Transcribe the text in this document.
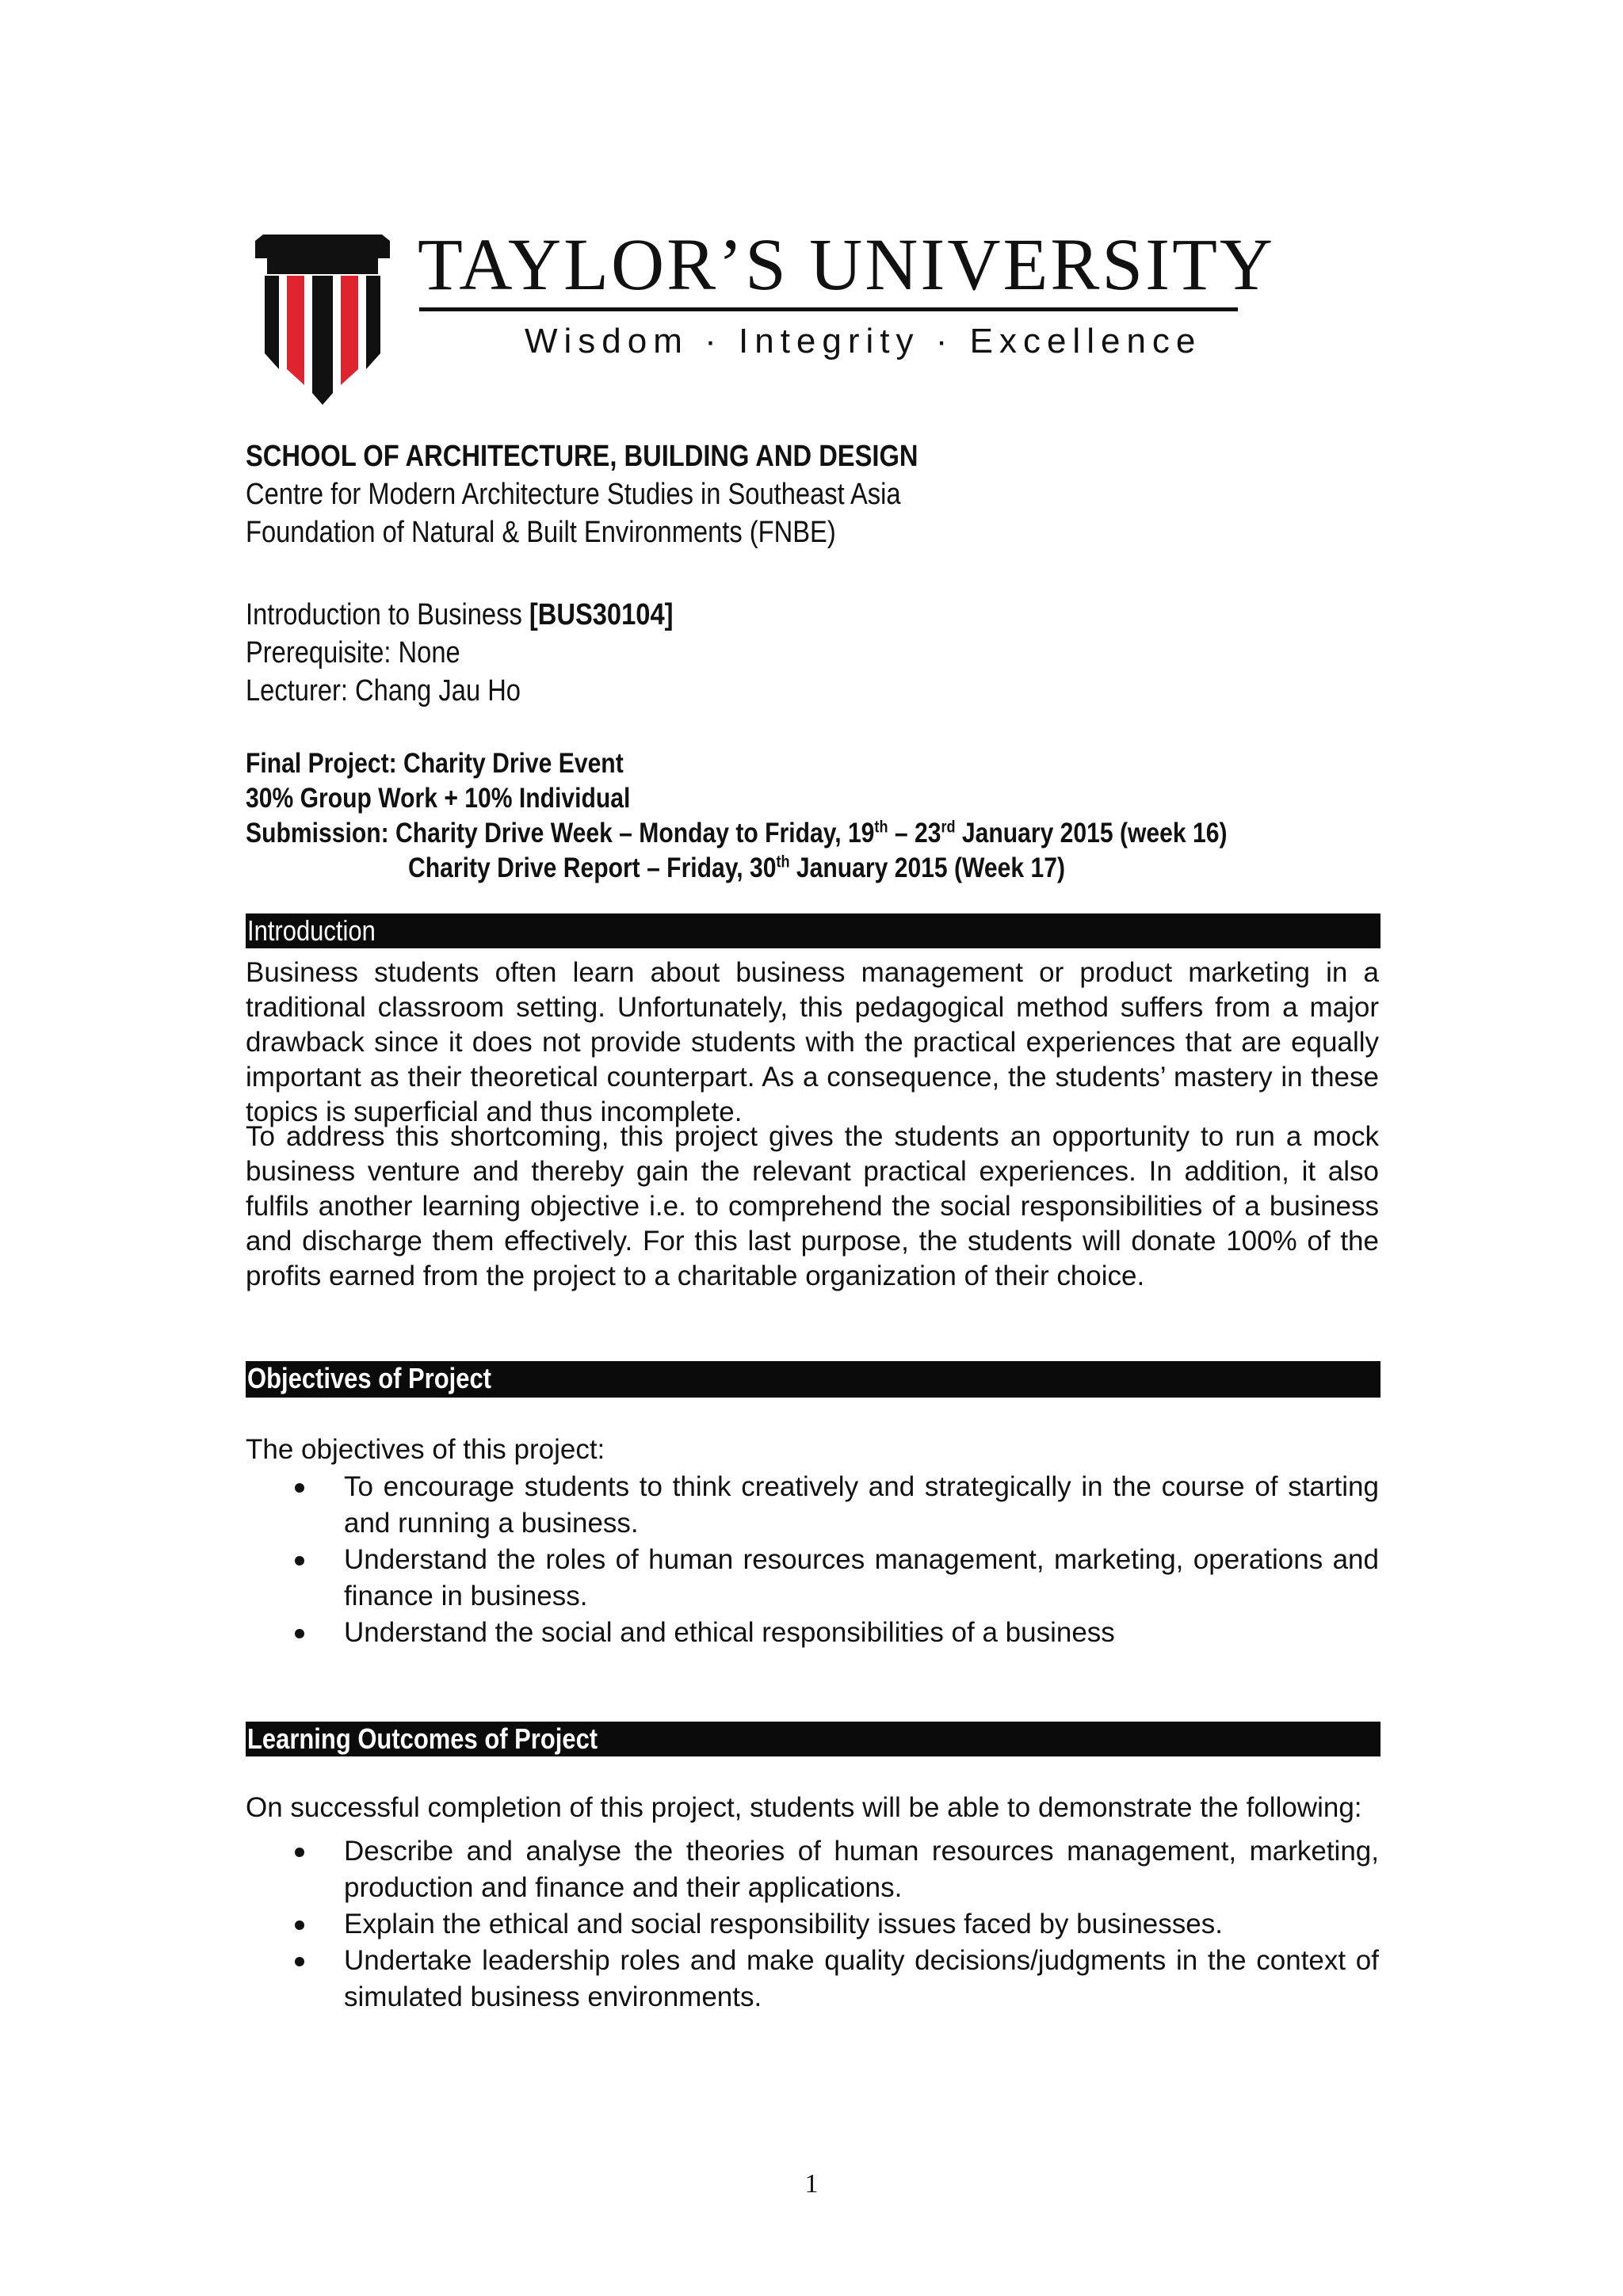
TAYLOR’S UNIVERSITY
Wisdom · Integrity · Excellence
SCHOOL OF ARCHITECTURE, BUILDING AND DESIGN
Centre for Modern Architecture Studies in Southeast Asia
Foundation of Natural & Built Environments (FNBE)
Introduction to Business [BUS30104]
Prerequisite: None
Lecturer: Chang Jau Ho
Final Project: Charity Drive Event
30% Group Work + 10% Individual
Submission: Charity Drive Week – Monday to Friday, 19th – 23rd January 2015 (week 16)
Charity Drive Report – Friday, 30th January 2015 (Week 17)
Introduction
Business students often learn about business management or product marketing in a traditional classroom setting. Unfortunately, this pedagogical method suffers from a major drawback since it does not provide students with the practical experiences that are equally important as their theoretical counterpart. As a consequence, the students’ mastery in these topics is superficial and thus incomplete.
To address this shortcoming, this project gives the students an opportunity to run a mock business venture and thereby gain the relevant practical experiences. In addition, it also fulfils another learning objective i.e. to comprehend the social responsibilities of a business and discharge them effectively. For this last purpose, the students will donate 100% of the profits earned from the project to a charitable organization of their choice.
Objectives of Project
The objectives of this project:
To encourage students to think creatively and strategically in the course of starting and running a business.
Understand the roles of human resources management, marketing, operations and finance in business.
Understand the social and ethical responsibilities of a business
Learning Outcomes of Project
On successful completion of this project, students will be able to demonstrate the following:
Describe and analyse the theories of human resources management, marketing, production and finance and their applications.
Explain the ethical and social responsibility issues faced by businesses.
Undertake leadership roles and make quality decisions/judgments in the context of simulated business environments.
1
